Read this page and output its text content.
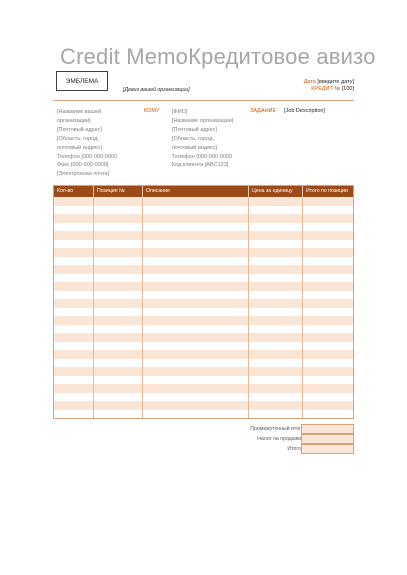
Credit MemoКредитовое авизо
ЭМБЛЕМА
[Девиз вашей организации]
Дата [введите дату]
КРЕДИТ № [100]
[Название вашей
организации]
[Почтовый адрес]
[Область, город,
почтовый индекс]
Телефон [000-000-0000
Факс [000-000-0000]
[Электронная почта]
КОМУ [ФИО]
[Название организации]
[Почтовый адрес]
[Область, город,
почтовый индекс]
Телефон [000-000-0000
Код клиента [ABC123]
ЗАДАНИЕ [Job Description]
Кол-во	Позиция №	Описание	Цена за единицу	Итого по позиции
Промежуточный итог
Налог на продажи
Итого
